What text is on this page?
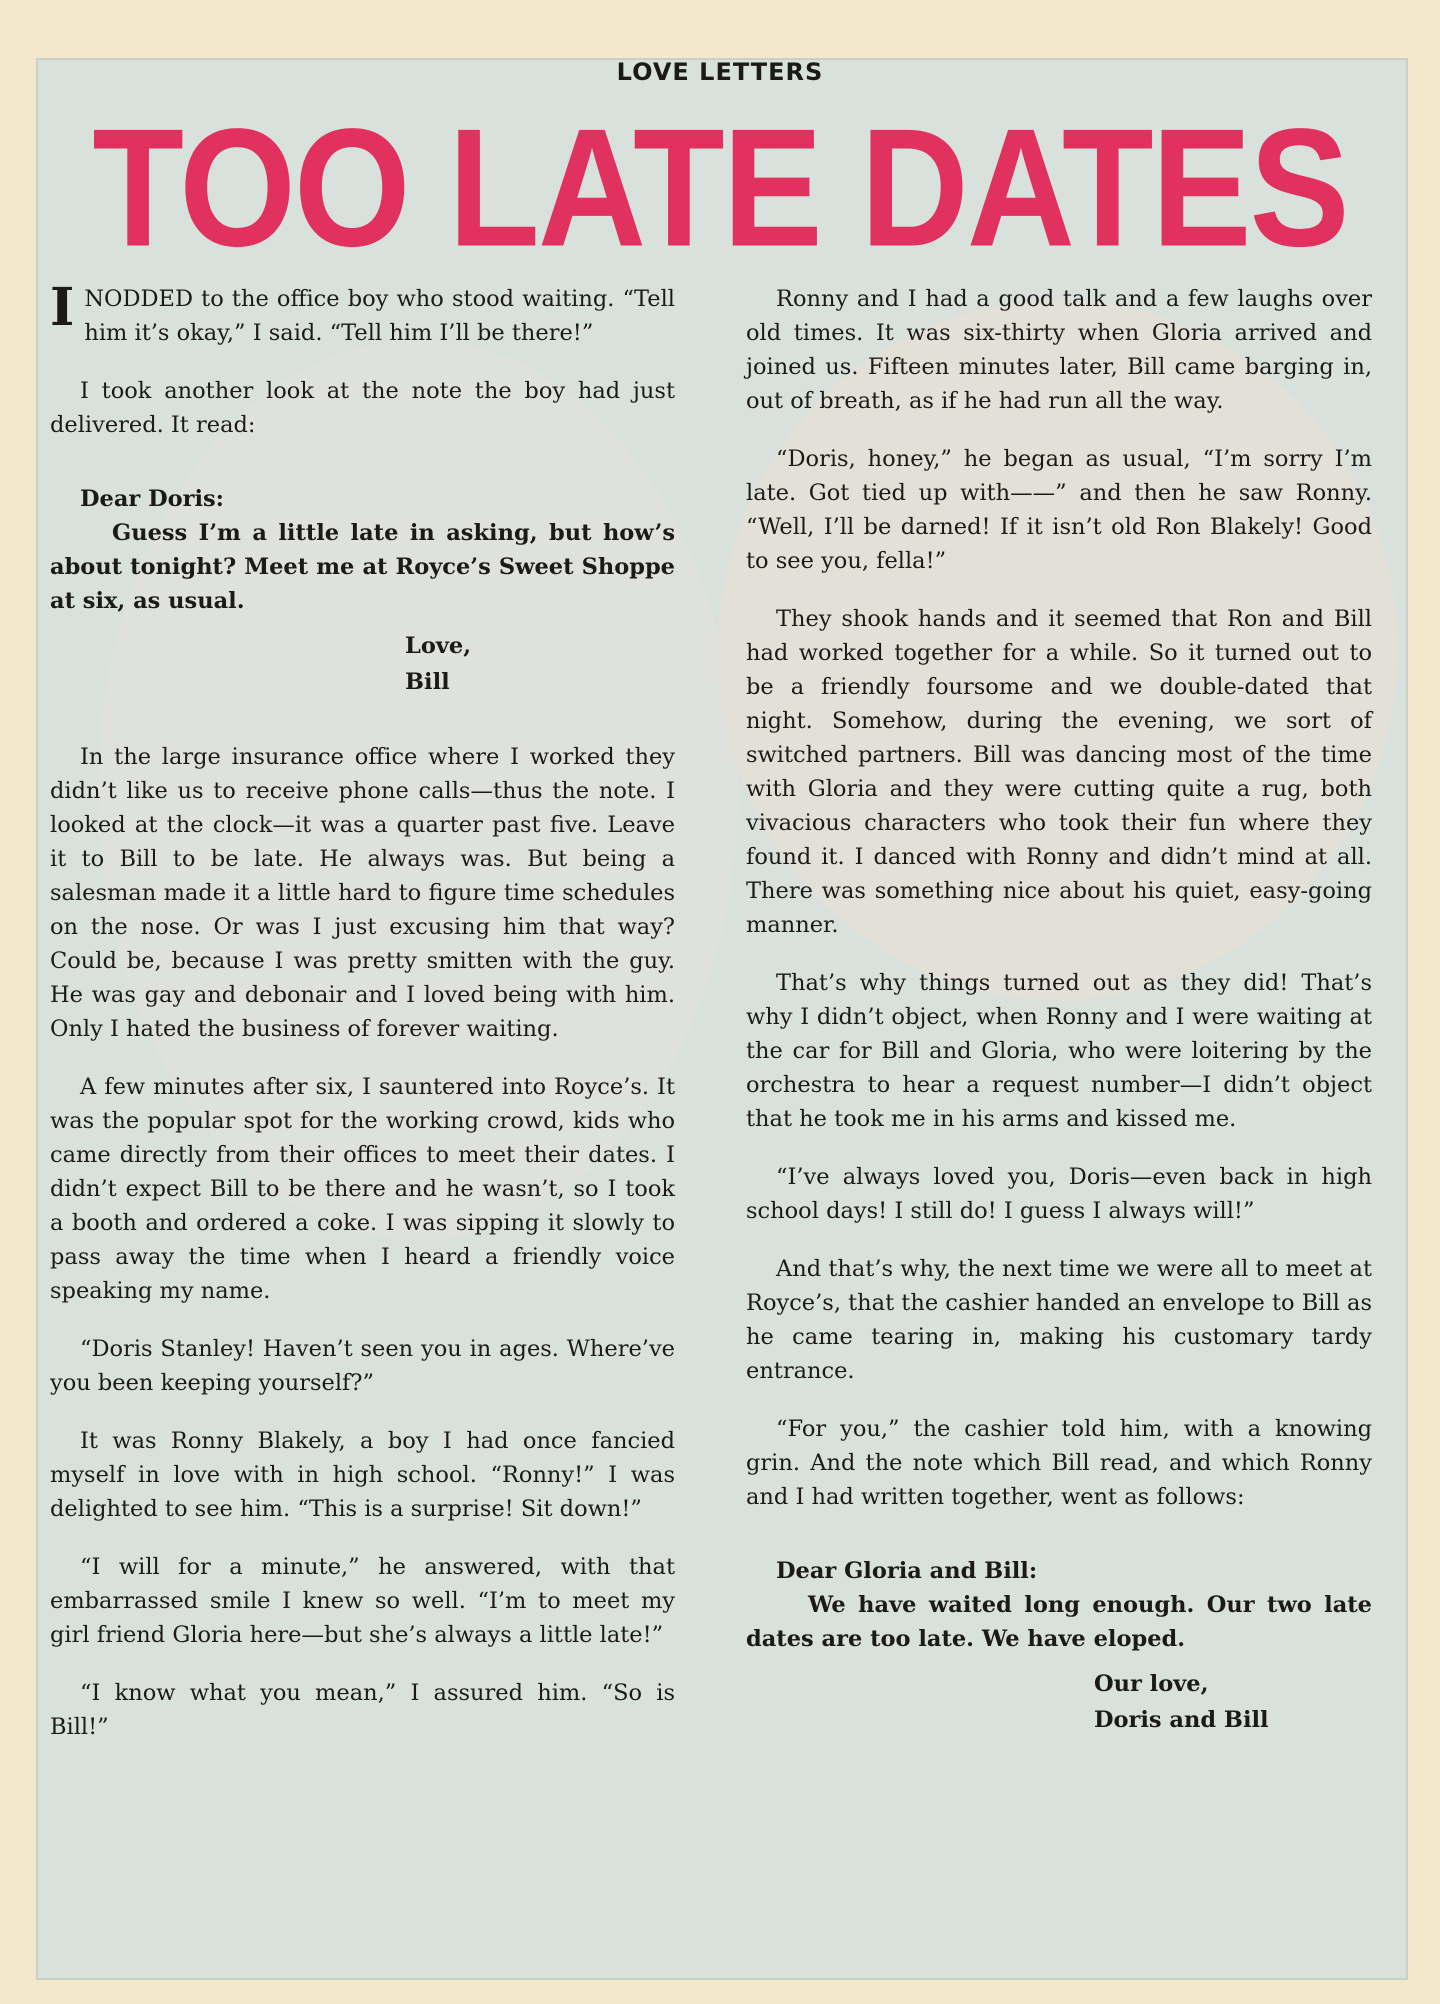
LOVE LETTERS
TOO LATE DATES

I NODDED to the office boy who stood waiting. “Tell him it’s okay,” I said. “Tell him I’ll be there!”

I took another look at the note the boy had just delivered. It read:

Dear Doris:

Guess I’m a little late in asking, but how’s about tonight? Meet me at Royce’s Sweet Shoppe at six, as usual.

Love,

Bill

In the large insurance office where I worked they didn’t like us to receive phone calls—thus the note. I looked at the clock—it was a quarter past five. Leave it to Bill to be late. He always was. But being a salesman made it a little hard to figure time schedules on the nose. Or was I just excusing him that way? Could be, because I was pretty smitten with the guy. He was gay and debonair and I loved being with him. Only I hated the business of forever waiting.

A few minutes after six, I sauntered into Royce’s. It was the popular spot for the working crowd, kids who came directly from their offices to meet their dates. I didn’t expect Bill to be there and he wasn’t, so I took a booth and ordered a coke. I was sipping it slowly to pass away the time when I heard a friendly voice speaking my name.

“Doris Stanley! Haven’t seen you in ages. Where’ve you been keeping yourself?”

It was Ronny Blakely, a boy I had once fancied myself in love with in high school. “Ronny!” I was delighted to see him. “This is a surprise! Sit down!”

“I will for a minute,” he answered, with that embarrassed smile I knew so well. “I’m to meet my girl friend Gloria here—but she’s always a little late!”

“I know what you mean,” I assured him. “So is Bill!”

Ronny and I had a good talk and a few laughs over old times. It was six-thirty when Gloria arrived and joined us. Fifteen minutes later, Bill came barging in, out of breath, as if he had run all the way.

“Doris, honey,” he began as usual, “I’m sorry I’m late. Got tied up with——” and then he saw Ronny. “Well, I’ll be darned! If it isn’t old Ron Blakely! Good to see you, fella!”

They shook hands and it seemed that Ron and Bill had worked together for a while. So it turned out to be a friendly foursome and we double-dated that night. Somehow, during the evening, we sort of switched partners. Bill was dancing most of the time with Gloria and they were cutting quite a rug, both vivacious characters who took their fun where they found it. I danced with Ronny and didn’t mind at all. There was something nice about his quiet, easy-going manner.

That’s why things turned out as they did! That’s why I didn’t object, when Ronny and I were waiting at the car for Bill and Gloria, who were loitering by the orchestra to hear a request number—I didn’t object that he took me in his arms and kissed me.

“I’ve always loved you, Doris—even back in high school days! I still do! I guess I always will!”

And that’s why, the next time we were all to meet at Royce’s, that the cashier handed an envelope to Bill as he came tearing in, making his customary tardy entrance.

“For you,” the cashier told him, with a knowing grin. And the note which Bill read, and which Ronny and I had written together, went as follows:

Dear Gloria and Bill:

We have waited long enough. Our two late dates are too late. We have eloped.

Our love,

Doris and Bill
